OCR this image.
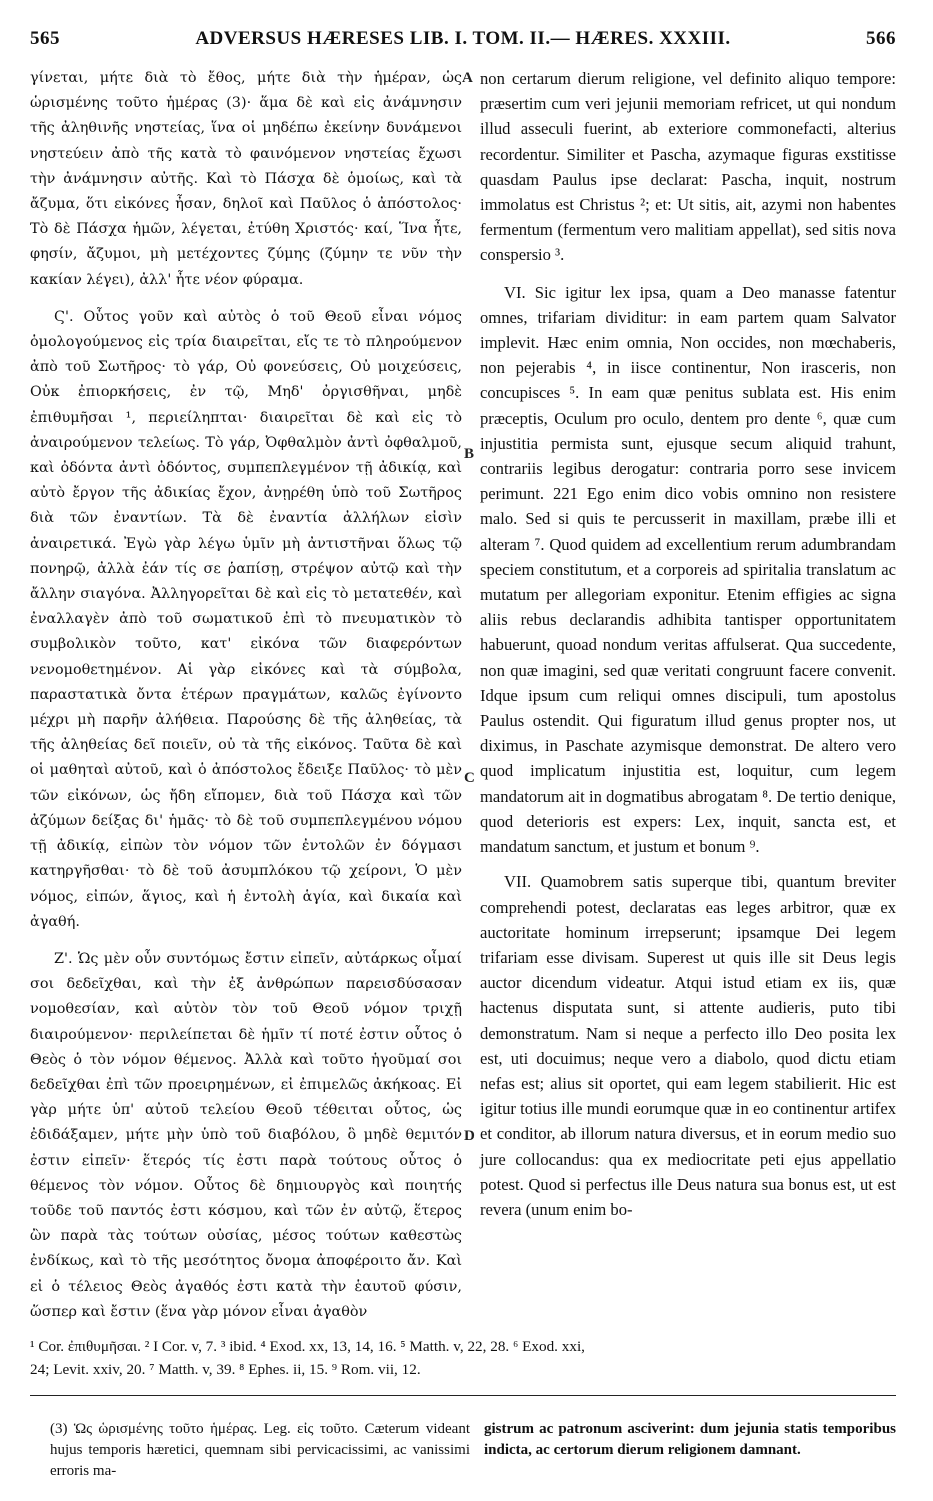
565	ADVERSUS HÆRESES LIB. I. TOM. II.— HÆRES. XXXIII.	566

γίνεται, μήτε διὰ τὸ ἔθος, μήτε διὰ τὴν ἡμέραν, ὡς ὡρισμένης τοῦτο ἡμέρας (3)· ἅμα δὲ καὶ εἰς ἀνάμνησιν τῆς ἀληθινῆς νηστείας, ἵνα οἱ μηδέπω ἐκείνην δυνάμενοι νηστεύειν ἀπὸ τῆς κατὰ τὸ φαινόμενον νηστείας ἔχωσι τὴν ἀνάμνησιν αὐτῆς. Καὶ τὸ Πάσχα δὲ ὁμοίως, καὶ τὰ ἄζυμα, ὅτι εἰκόνες ἦσαν, δηλοῖ καὶ Παῦλος ὁ ἀπόστολος· Τὸ δὲ Πάσχα ἡμῶν, λέγεται, ἐτύθη Χριστός· καί, Ἵνα ἦτε, φησίν, ἄζυμοι, μὴ μετέχοντες ζύμης (ζύμην τε νῦν τὴν κακίαν λέγει), ἀλλ' ἦτε νέον φύραμα.

Ϛ'. Οὗτος γοῦν καὶ αὐτὸς ὁ τοῦ Θεοῦ εἶναι νόμος ὁμολογούμενος εἰς τρία διαιρεῖται, εἴς τε τὸ πληρούμενον ἀπὸ τοῦ Σωτῆρος· τὸ γάρ, Οὐ φονεύσεις, Οὐ μοιχεύσεις, Οὐκ ἐπιορκήσεις, ἐν τῷ, Μηδ' ὀργισθῆναι, μηδὲ ἐπιθυμῆσαι ¹, περιείληπται· διαιρεῖται δὲ καὶ εἰς τὸ ἀναιρούμενον τελείως. Τὸ γάρ, Ὀφθαλμὸν ἀντὶ ὀφθαλμοῦ, καὶ ὀδόντα ἀντὶ ὀδόντος, συμπεπλεγμένον τῇ ἀδικίᾳ, καὶ αὐτὸ ἔργον τῆς ἀδικίας ἔχον, ἀνῃρέθη ὑπὸ τοῦ Σωτῆρος διὰ τῶν ἐναντίων. Τὰ δὲ ἐναντία ἀλλήλων εἰσὶν ἀναιρετικά. Ἐγὼ γὰρ λέγω ὑμῖν μὴ ἀντιστῆναι ὅλως τῷ πονηρῷ, ἀλλὰ ἐάν τίς σε ῥαπίσῃ, στρέψον αὐτῷ καὶ τὴν ἄλλην σιαγόνα. Ἀλληγορεῖται δὲ καὶ εἰς τὸ μετατεθέν, καὶ ἐναλλαγὲν ἀπὸ τοῦ σωματικοῦ ἐπὶ τὸ πνευματικὸν τὸ συμβολικὸν τοῦτο, κατ' εἰκόνα τῶν διαφερόντων νενομοθετημένον. Αἱ γὰρ εἰκόνες καὶ τὰ σύμβολα, παραστατικὰ ὄντα ἑτέρων πραγμάτων, καλῶς ἐγίνοντο μέχρι μὴ παρῆν ἀλήθεια. Παρούσης δὲ τῆς ἀληθείας, τὰ τῆς ἀληθείας δεῖ ποιεῖν, οὐ τὰ τῆς εἰκόνος. Ταῦτα δὲ καὶ οἱ μαθηταὶ αὐτοῦ, καὶ ὁ ἀπόστολος ἔδειξε Παῦλος· τὸ μὲν τῶν εἰκόνων, ὡς ἤδη εἴπομεν, διὰ τοῦ Πάσχα καὶ τῶν ἀζύμων δείξας δι' ἡμᾶς· τὸ δὲ τοῦ συμπεπλεγμένου νόμου τῇ ἀδικίᾳ, εἰπὼν τὸν νόμον τῶν ἐντολῶν ἐν δόγμασι κατηργῆσθαι· τὸ δὲ τοῦ ἀσυμπλόκου τῷ χείρονι, Ὁ μὲν νόμος, εἰπών, ἅγιος, καὶ ἡ ἐντολὴ ἁγία, καὶ δικαία καὶ ἀγαθή.

Ζ'. Ὡς μὲν οὖν συντόμως ἔστιν εἰπεῖν, αὐτάρκως οἶμαί σοι δεδεῖχθαι, καὶ τὴν ἐξ ἀνθρώπων παρεισδύσασαν νομοθεσίαν, καὶ αὐτὸν τὸν τοῦ Θεοῦ νόμον τριχῇ διαιρούμενον· περιλείπεται δὲ ἡμῖν τί ποτέ ἐστιν οὗτος ὁ Θεὸς ὁ τὸν νόμον θέμενος. Ἀλλὰ καὶ τοῦτο ἡγοῦμαί σοι δεδεῖχθαι ἐπὶ τῶν προειρημένων, εἰ ἐπιμελῶς ἀκήκοας. Εἰ γὰρ μήτε ὑπ' αὐτοῦ τελείου Θεοῦ τέθειται οὗτος, ὡς ἐδιδάξαμεν, μήτε μὴν ὑπὸ τοῦ διαβόλου, ὃ μηδὲ θεμιτόν ἐστιν εἰπεῖν· ἕτερός τίς ἐστι παρὰ τούτους οὗτος ὁ θέμενος τὸν νόμον. Οὗτος δὲ δημιουργὸς καὶ ποιητής τοῦδε τοῦ παντός ἐστι κόσμου, καὶ τῶν ἐν αὐτῷ, ἕτερος ὢν παρὰ τὰς τούτων οὐσίας, μέσος τούτων καθεστὼς ἐνδίκως, καὶ τὸ τῆς μεσότητος ὄνομα ἀποφέροιτο ἄν. Καὶ εἰ ὁ τέλειος Θεὸς ἀγαθός ἐστι κατὰ τὴν ἑαυτοῦ φύσιν, ὥσπερ καὶ ἔστιν (ἕνα γὰρ μόνον εἶναι ἀγαθὸν

A
B
C
D

non certarum dierum religione, vel definito aliquo tempore: præsertim cum veri jejunii memoriam refricet, ut qui nondum illud asseculi fuerint, ab exteriore commonefacti, alterius recordentur. Similiter et Pascha, azymaque figuras exstitisse quasdam Paulus ipse declarat: Pascha, inquit, nostrum immolatus est Christus ²; et: Ut sitis, ait, azymi non habentes fermentum (fermentum vero malitiam appellat), sed sitis nova conspersio ³.

VI. Sic igitur lex ipsa, quam a Deo manasse fatentur omnes, trifariam dividitur: in eam partem quam Salvator implevit. Hæc enim omnia, Non occides, non mœchaberis, non pejerabis ⁴, in iisce continentur, Non irasceris, non concupisces ⁵. In eam quæ penitus sublata est. His enim præceptis, Oculum pro oculo, dentem pro dente ⁶, quæ cum injustitia permista sunt, ejusque secum aliquid trahunt, contrariis legibus derogatur: contraria porro sese invicem perimunt. 221 Ego enim dico vobis omnino non resistere malo. Sed si quis te percusserit in maxillam, præbe illi et alteram ⁷. Quod quidem ad excellentium rerum adumbrandam speciem constitutum, et a corporeis ad spiritalia translatum ac mutatum per allegoriam exponitur. Etenim effigies ac signa aliis rebus declarandis adhibita tantisper opportunitatem habuerunt, quoad nondum veritas affulserat. Qua succedente, non quæ imagini, sed quæ veritati congruunt facere convenit. Idque ipsum cum reliqui omnes discipuli, tum apostolus Paulus ostendit. Qui figuratum illud genus propter nos, ut diximus, in Paschate azymisque demonstrat. De altero vero quod implicatum injustitia est, loquitur, cum legem mandatorum ait in dogmatibus abrogatam ⁸. De tertio denique, quod deterioris est expers: Lex, inquit, sancta est, et mandatum sanctum, et justum et bonum ⁹.

VII. Quamobrem satis superque tibi, quantum breviter comprehendi potest, declaratas eas leges arbitror, quæ ex auctoritate hominum irrepserunt; ipsamque Dei legem trifariam esse divisam. Superest ut quis ille sit Deus legis auctor dicendum videatur. Atqui istud etiam ex iis, quæ hactenus disputata sunt, si attente audieris, puto tibi demonstratum. Nam si neque a perfecto illo Deo posita lex est, uti docuimus; neque vero a diabolo, quod dictu etiam nefas est; alius sit oportet, qui eam legem stabilierit. Hic est igitur totius ille mundi eorumque quæ in eo continentur artifex et conditor, ab illorum natura diversus, et in eorum medio suo jure collocandus: qua ex mediocritate peti ejus appellatio potest. Quod si perfectus ille Deus natura sua bonus est, ut est revera (unum enim bo-

¹ Cor. ἐπιθυμῆσαι. ² I Cor. v, 7. ³ ibid. ⁴ Exod. xx, 13, 14, 16. ⁵ Matth. v, 22, 28. ⁶ Exod. xxi,

24; Levit. xxiv, 20. ⁷ Matth. v, 39. ⁸ Ephes. ii, 15. ⁹ Rom. vii, 12.

(3) Ὡς ὡρισμένης τοῦτο ἡμέρας. Leg. εἰς τοῦτο. Cæterum videant hujus temporis hæretici, quemnam sibi pervicacissimi, ac vanissimi erroris ma-

gistrum ac patronum asciverint: dum jejunia statis temporibus indicta, ac certorum dierum religionem damnant.
